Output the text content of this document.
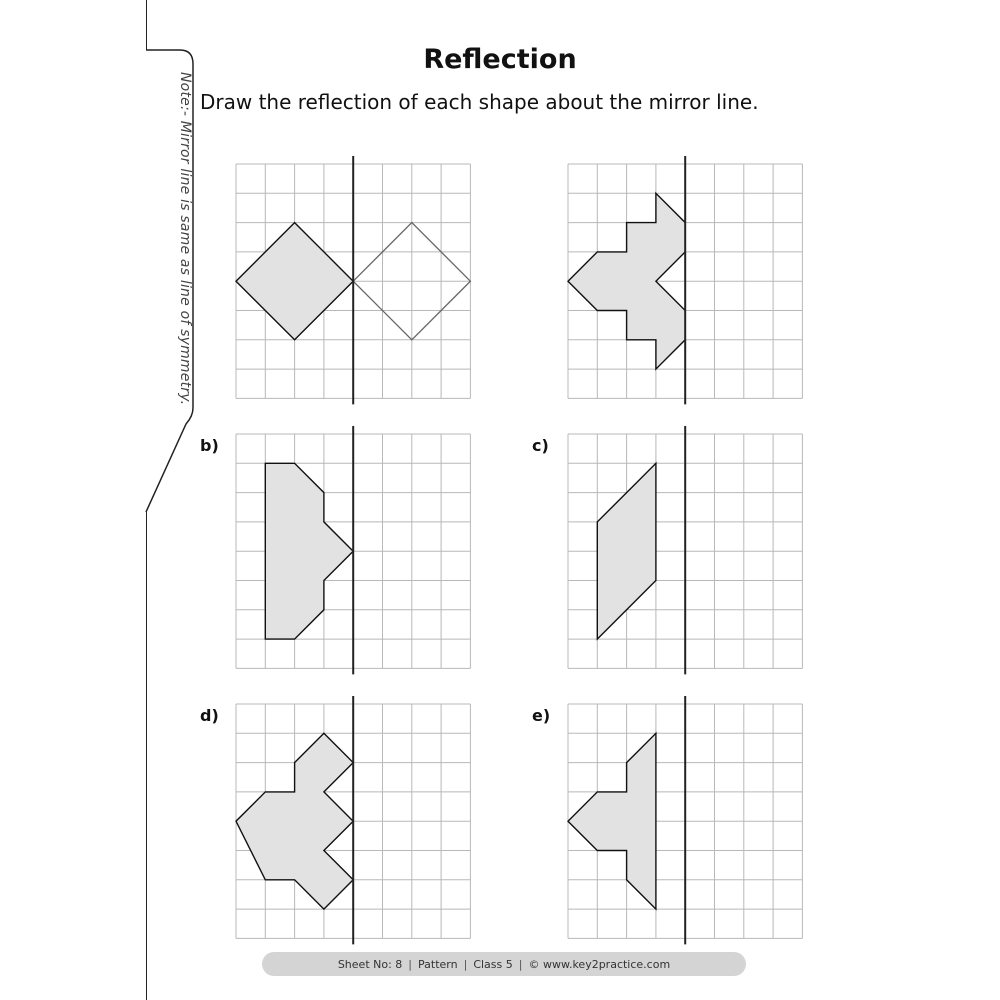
Note:- Mirror line is same as line of symmetry.
Reflection
Draw the reflection of each shape about the mirror line.
b)	c)
d)	e)
Sheet No: 8 | Pattern | Class 5 | © www.key2practice.com
